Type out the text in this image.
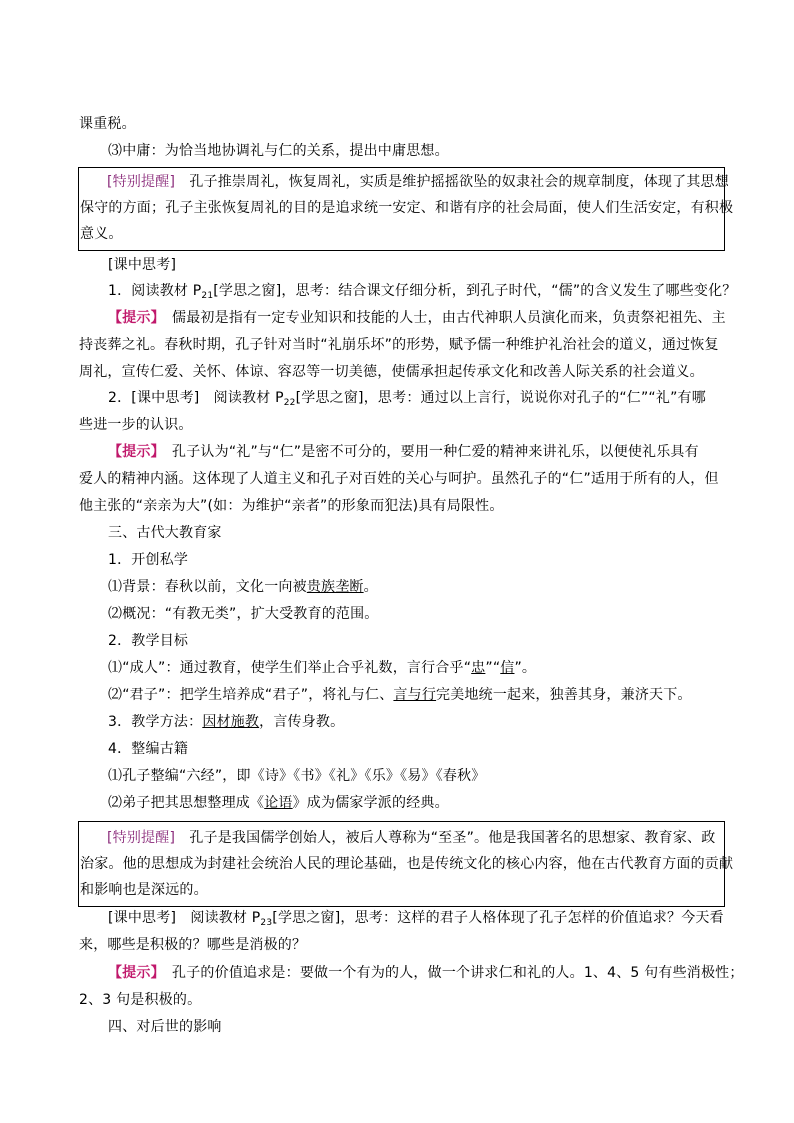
课重税。
⑶中庸：为恰当地协调礼与仁的关系，提出中庸思想。
[特别提醒]　 孔子推崇周礼，恢复周礼，实质是维护摇摇欲坠的奴隶社会的规章制度，体现了其思想
保守的方面；孔子主张恢复周礼的目的是追求统一安定、和谐有序的社会局面，使人们生活安定，有积极
意义。
[课中思考]
1．阅读教材 $P_{21}$[学思之窗]，思考：结合课文仔细分析，到孔子时代，“儒”的含义发生了哪些变化？
【提示】　 儒最初是指有一定专业知识和技能的人士，由古代神职人员演化而来，负责祭祀祖先、主
持丧葬之礼。春秋时期，孔子针对当时“礼崩乐坏”的形势，赋予儒一种维护礼治社会的道义，通过恢复
周礼，宣传仁爱、关怀、体谅、容忍等一切美德，使儒承担起传承文化和改善人际关系的社会道义。
2．[课中思考]　阅读教材 $P_{22}$[学思之窗]，思考：通过以上言行，说说你对孔子的“仁”“礼”有哪
些进一步的认识。
【提示】　 孔子认为“礼”与“仁”是密不可分的，要用一种仁爱的精神来讲礼乐，以便使礼乐具有
爱人的精神内涵。这体现了人道主义和孔子对百姓的关心与呵护。虽然孔子的“仁”适用于所有的人，但
他主张的“亲亲为大”(如：为维护“亲者”的形象而犯法)具有局限性。
三、古代大教育家
1．开创私学
⑴背景：春秋以前，文化一向被贵族垄断。
⑵概况：“有教无类”，扩大受教育的范围。
2．教学目标
⑴“成人”：通过教育，使学生们举止合乎礼数，言行合乎“忠”“信”。
⑵“君子”：把学生培养成“君子”，将礼与仁、言与行完美地统一起来，独善其身，兼济天下。
3．教学方法：因材施教，言传身教。
4．整编古籍
⑴孔子整编“六经”，即《诗》《书》《礼》《乐》《易》《春秋》
⑵弟子把其思想整理成《论语》成为儒家学派的经典。
[特别提醒]　 孔子是我国儒学创始人，被后人尊称为“至圣”。他是我国著名的思想家、教育家、政
治家。他的思想成为封建社会统治人民的理论基础，也是传统文化的核心内容，他在古代教育方面的贡献
和影响也是深远的。
[课中思考]　阅读教材 $P_{23}$[学思之窗]，思考：这样的君子人格体现了孔子怎样的价值追求？今天看
来，哪些是积极的？哪些是消极的？
【提示】　 孔子的价值追求是：要做一个有为的人，做一个讲求仁和礼的人。1、4、5 句有些消极性；
2、3 句是积极的。
四、对后世的影响
